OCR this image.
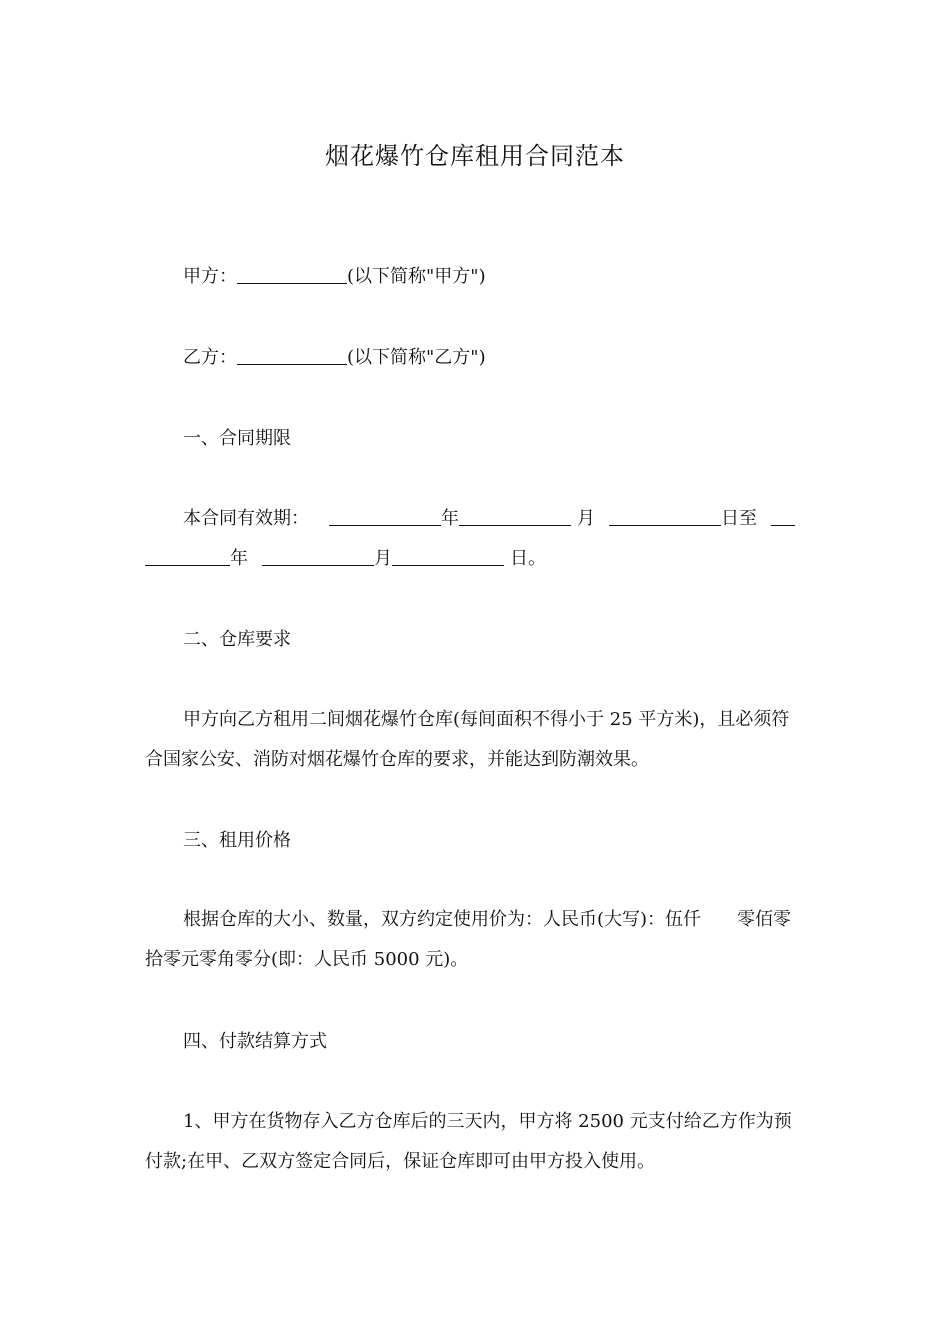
烟花爆竹仓库租用合同范本
甲方：	(以下简称"甲方")
乙方：	(以下简称"乙方")
一、合同期限
本合同有效期：	年	月	日至
年	月	日。
二、仓库要求
甲方向乙方租用二间烟花爆竹仓库(每间面积不得小于 25 平方米)，且必须符合国家公安、消防对烟花爆竹仓库的要求，并能达到防潮效果。
三、租用价格
根据仓库的大小、数量，双方约定使用价为：人民币(大写)：伍仟　　零佰零拾零元零角零分(即：人民币 5000 元)。
四、付款结算方式
1、甲方在货物存入乙方仓库后的三天内，甲方将 2500 元支付给乙方作为预付款;在甲、乙双方签定合同后，保证仓库即可由甲方投入使用。
